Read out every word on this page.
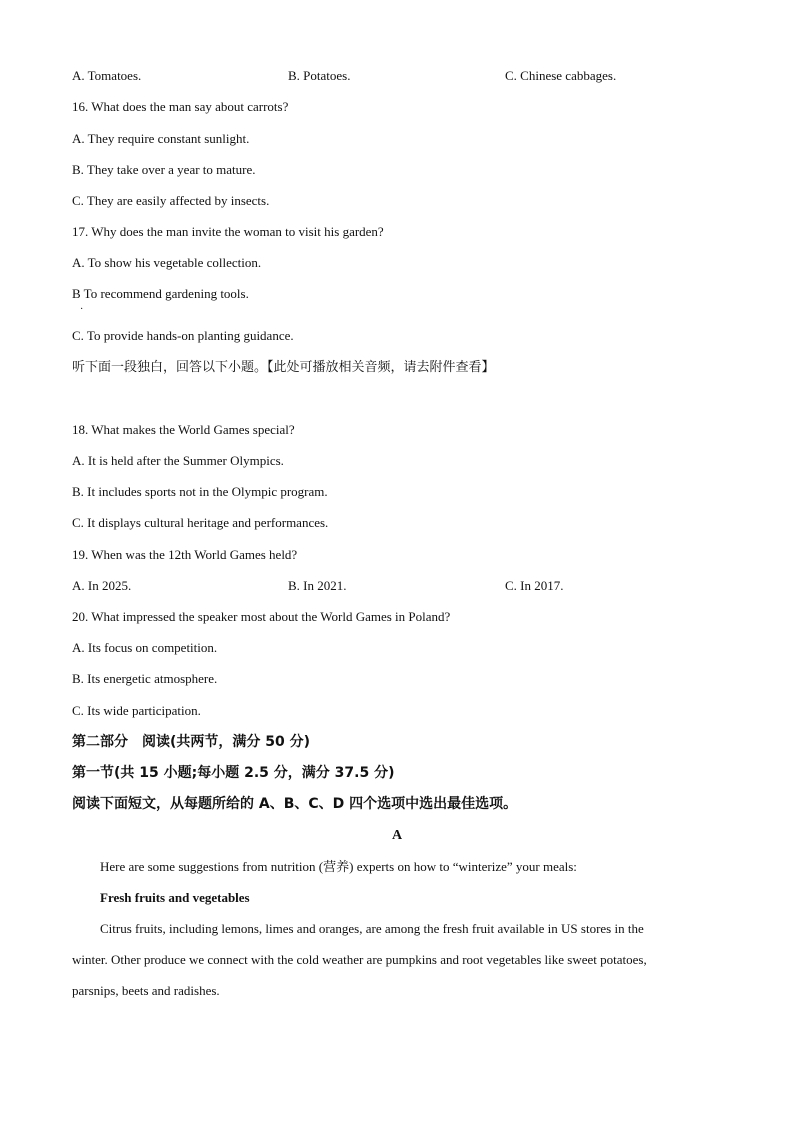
A. Tomatoes.	B. Potatoes.	C. Chinese cabbages.
16. What does the man say about carrots?
A. They require constant sunlight.
B. They take over a year to mature.
C. They are easily affected by insects.
17. Why does the man invite the woman to visit his garden?
A. To show his vegetable collection.
B To recommend gardening tools.
·
C. To provide hands-on planting guidance.
听下面一段独白，回答以下小题。【此处可播放相关音频，请去附件查看】
18. What makes the World Games special?
A. It is held after the Summer Olympics.
B. It includes sports not in the Olympic program.
C. It displays cultural heritage and performances.
19. When was the 12th World Games held?
A. In 2025.	B. In 2021.	C. In 2017.
20. What impressed the speaker most about the World Games in Poland?
A. Its focus on competition.
B. Its energetic atmosphere.
C. Its wide participation.
第二部分　阅读(共两节，满分 50 分)
第一节(共 15 小题;每小题 2.5 分，满分 37.5 分)
阅读下面短文，从每题所给的 A、B、C、D 四个选项中选出最佳选项。
A
Here are some suggestions from nutrition (营养) experts on how to “winterize” your meals:
Fresh fruits and vegetables
Citrus fruits, including lemons, limes and oranges, are among the fresh fruit available in US stores in the
winter. Other produce we connect with the cold weather are pumpkins and root vegetables like sweet potatoes,
parsnips, beets and radishes.
